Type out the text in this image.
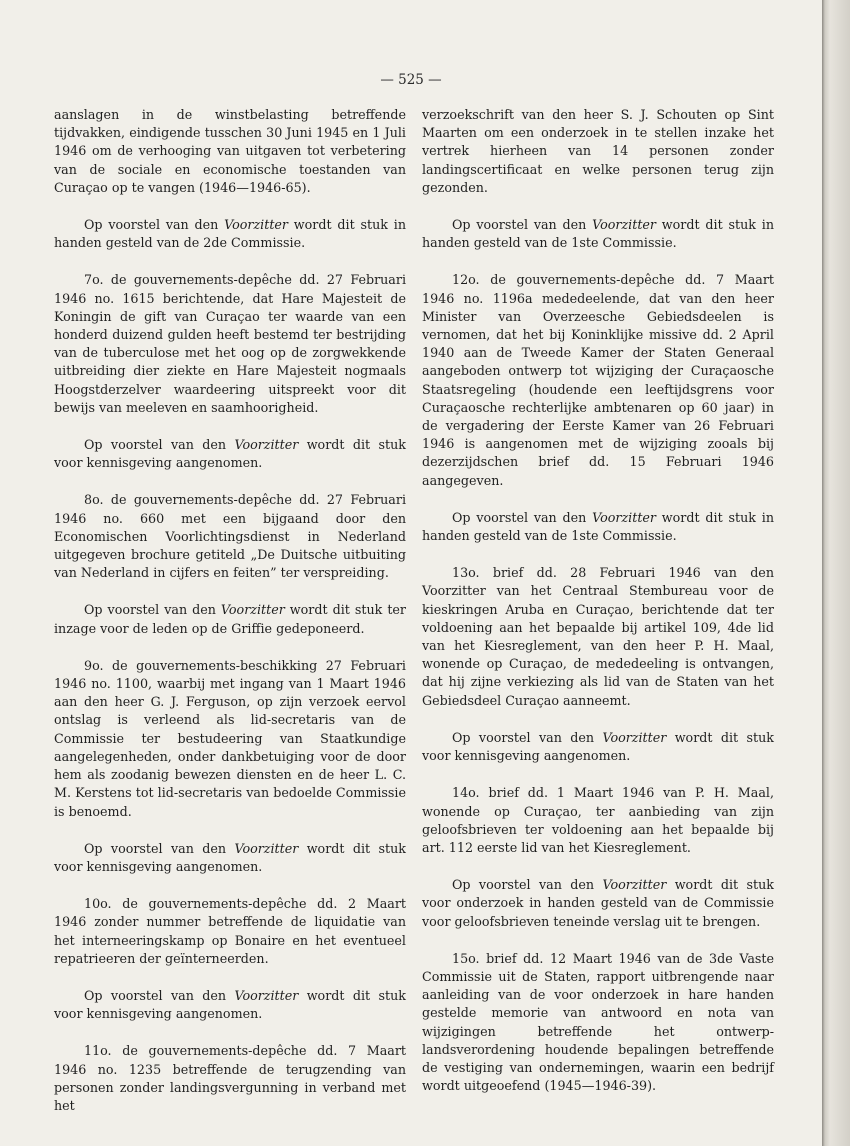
— 525 —
aanslagen in de winstbelasting betreffende tijdvakken, eindigende tusschen 30 Juni 1945 en 1 Juli 1946 om de verhooging van uitgaven tot verbetering van de sociale en economische toestanden van Curaçao op te vangen (1946—1946-65).
Op voorstel van den Voorzitter wordt dit stuk in handen gesteld van de 2de Commissie.
7o. de gouvernements-depêche dd. 27 Februari 1946 no. 1615 berichtende, dat Hare Majesteit de Koningin de gift van Curaçao ter waarde van een honderd duizend gulden heeft bestemd ter bestrijding van de tuberculose met het oog op de zorgwekkende uitbreiding dier ziekte en Hare Majesteit nogmaals Hoogstderzelver waardeering uitspreekt voor dit bewijs van meeleven en saamhoorigheid.
Op voorstel van den Voorzitter wordt dit stuk voor kennisgeving aangenomen.
8o. de gouvernements-depêche dd. 27 Februari 1946 no. 660 met een bijgaand door den Economischen Voorlichtingsdienst in Nederland uitgegeven brochure getiteld „De Duitsche uitbuiting van Nederland in cijfers en feiten” ter verspreiding.
Op voorstel van den Voorzitter wordt dit stuk ter inzage voor de leden op de Griffie gedeponeerd.
9o. de gouvernements-beschikking 27 Februari 1946 no. 1100, waarbij met ingang van 1 Maart 1946 aan den heer G. J. Ferguson, op zijn verzoek eervol ontslag is verleend als lid-secretaris van de Commissie ter bestudeering van Staatkundige aangelegenheden, onder dankbetuiging voor de door hem als zoodanig bewezen diensten en de heer L. C. M. Kerstens tot lid-secretaris van bedoelde Commissie is benoemd.
Op voorstel van den Voorzitter wordt dit stuk voor kennisgeving aangenomen.
10o. de gouvernements-depêche dd. 2 Maart 1946 zonder nummer betreffende de liquidatie van het interneeringskamp op Bonaire en het eventueel repatrieeren der geïnterneerden.
Op voorstel van den Voorzitter wordt dit stuk voor kennisgeving aangenomen.
11o. de gouvernements-depêche dd. 7 Maart 1946 no. 1235 betreffende de terugzending van personen zonder landingsvergunning in verband met het
verzoekschrift van den heer S. J. Schouten op Sint Maarten om een onderzoek in te stellen inzake het vertrek hierheen van 14 personen zonder landingscertificaat en welke personen terug zijn gezonden.
Op voorstel van den Voorzitter wordt dit stuk in handen gesteld van de 1ste Commissie.
12o. de gouvernements-depêche dd. 7 Maart 1946 no. 1196a mededeelende, dat van den heer Minister van Overzeesche Gebiedsdeelen is vernomen, dat het bij Koninklijke missive dd. 2 April 1940 aan de Tweede Kamer der Staten Generaal aangeboden ontwerp tot wijziging der Curaçaosche Staatsregeling (houdende een leeftijdsgrens voor Curaçaosche rechterlijke ambtenaren op 60 jaar) in de vergadering der Eerste Kamer van 26 Februari 1946 is aangenomen met de wijziging zooals bij dezerzijdschen brief dd. 15 Februari 1946 aangegeven.
Op voorstel van den Voorzitter wordt dit stuk in handen gesteld van de 1ste Commissie.
13o. brief dd. 28 Februari 1946 van den Voorzitter van het Centraal Stembureau voor de kieskringen Aruba en Curaçao, berichtende dat ter voldoening aan het bepaalde bij artikel 109, 4de lid van het Kiesreglement, van den heer P. H. Maal, wonende op Curaçao, de mededeeling is ontvangen, dat hij zijne verkiezing als lid van de Staten van het Gebiedsdeel Curaçao aanneemt.
Op voorstel van den Voorzitter wordt dit stuk voor kennisgeving aangenomen.
14o. brief dd. 1 Maart 1946 van P. H. Maal, wonende op Curaçao, ter aanbieding van zijn geloofsbrieven ter voldoening aan het bepaalde bij art. 112 eerste lid van het Kiesreglement.
Op voorstel van den Voorzitter wordt dit stuk voor onderzoek in handen gesteld van de Commissie voor geloofsbrieven teneinde verslag uit te brengen.
15o. brief dd. 12 Maart 1946 van de 3de Vaste Commissie uit de Staten, rapport uitbrengende naar aanleiding van de voor onderzoek in hare handen gestelde memorie van antwoord en nota van wijzigingen betreffende het ontwerp-landsverordening houdende bepalingen betreffende de vestiging van ondernemingen, waarin een bedrijf wordt uitgeoefend (1945—1946-39).
